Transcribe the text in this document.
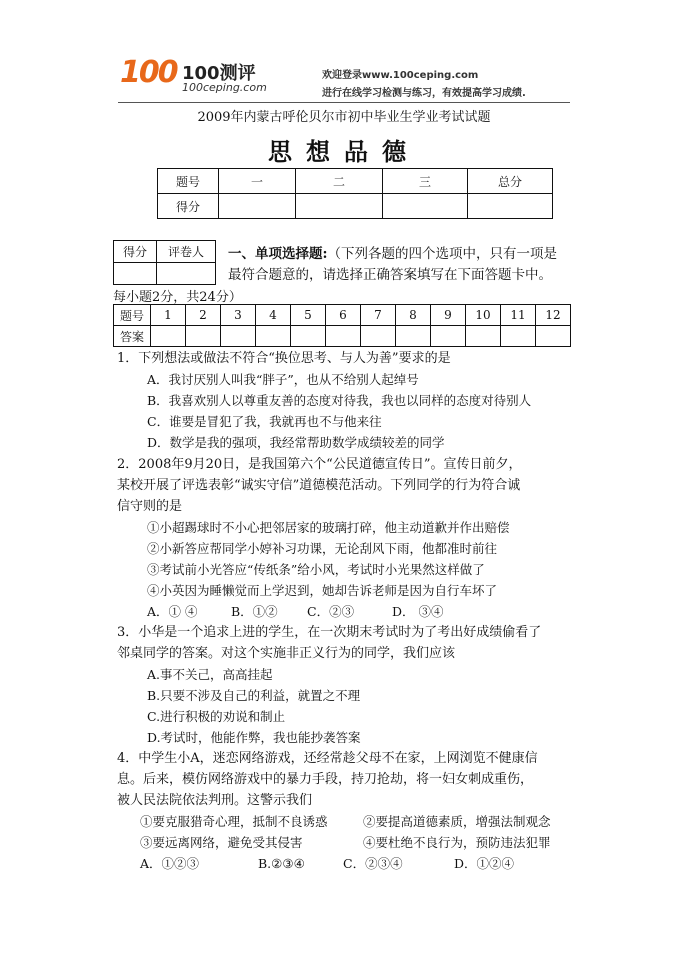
100 100测评
100ceping.com
欢迎登录www.100ceping.com
进行在线学习检测与练习，有效提高学习成绩.
2009年内蒙古呼伦贝尔市初中毕业生学业考试试题
思想品德
题号	一	二	三	总分
得分				
得分	评卷人
	一、单项选择题:（下列各题的四个选项中，只有一项是
最符合题意的，请选择正确答案填写在下面答题卡中。
每小题2分，共24分）
题号	1	2	3	4	5	6	7	8	9	10	11	12
答案												
1．下列想法或做法不符合“换位思考、与人为善”要求的是
A．我讨厌别人叫我“胖子”，也从不给别人起绰号
B．我喜欢别人以尊重友善的态度对待我，我也以同样的态度对待别人
C．谁要是冒犯了我，我就再也不与他来往
D．数学是我的强项，我经常帮助数学成绩较差的同学
2．2008年9月20日，是我国第六个“公民道德宣传日”。宣传日前夕，
某校开展了评选表彰“诚实守信”道德模范活动。下列同学的行为符合诚
信守则的是
①小超踢球时不小心把邻居家的玻璃打碎，他主动道歉并作出赔偿
②小新答应帮同学小婷补习功课，无论刮风下雨，他都准时前往
③考试前小光答应“传纸条”给小风，考试时小光果然这样做了
④小英因为睡懒觉而上学迟到，她却告诉老师是因为自行车坏了
A．① ④	B．①② C．②③	D． ③④
3．小华是一个追求上进的学生，在一次期末考试时为了考出好成绩偷看了
邻桌同学的答案。对这个实施非正义行为的同学，我们应该
A.事不关己，高高挂起
B.只要不涉及自己的利益，就置之不理
C.进行积极的劝说和制止
D.考试时，他能作弊，我也能抄袭答案
4．中学生小A，迷恋网络游戏，还经常趁父母不在家，上网浏览不健康信
息。后来，模仿网络游戏中的暴力手段，持刀抢劫，将一妇女刺成重伤，
被人民法院依法判刑。这警示我们
①要克服猎奇心理，抵制不良诱惑	②要提高道德素质，增强法制观念
③要远离网络，避免受其侵害	④要杜绝不良行为，预防违法犯罪
A．①②③	B.②③④	C．②③④	D．①②④
